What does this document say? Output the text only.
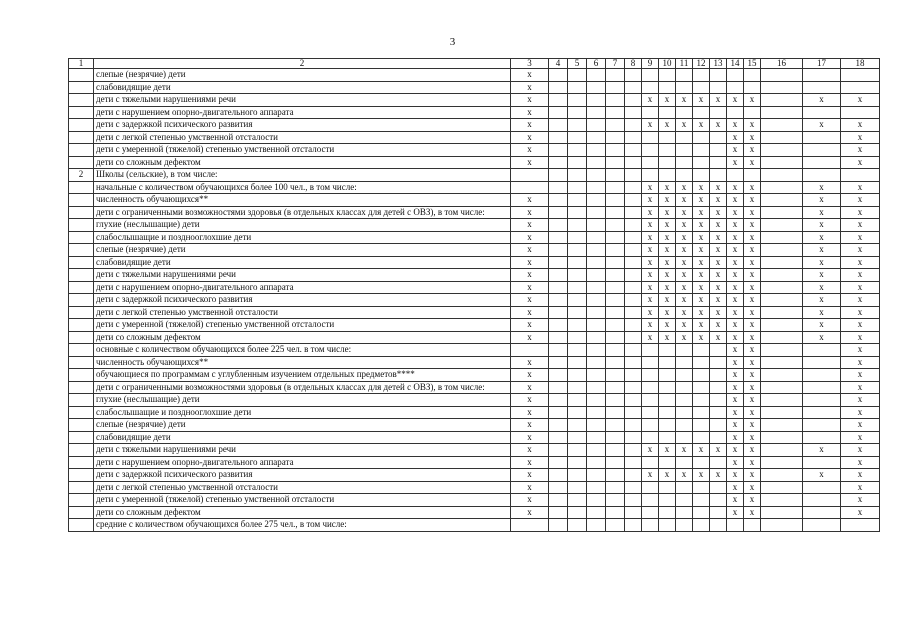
3
1	2	3	4	5	6	7	8	9	10	11	12	13	14	15	16	17	18
	слепые (незрячие) дети	x															
	слабовидящие дети	x															
	дети с тяжелыми нарушениями речи	x						x	x	x	x	x	x	x		x	x
	дети с нарушением опорно-двигательного аппарата	x															
	дети с задержкой психического развития	x						x	x	x	x	x	x	x		x	x
	дети с легкой степенью умственной отсталости	x											x	x			x
	дети с умеренной (тяжелой) степенью умственной отсталости	x											x	x			x
	дети со сложным дефектом	x											x	x			x
2	Школы (сельские), в том числе:																
	начальные с количеством обучающихся более 100 чел., в том числе:							x	x	x	x	x	x	x		x	x
	численность обучающихся**	x						x	x	x	x	x	x	x		x	x
	дети с ограниченными возможностями здоровья (в отдельных классах для детей с ОВЗ), в том числе:	x						x	x	x	x	x	x	x		x	x
	глухие (неслышащие) дети	x						x	x	x	x	x	x	x		x	x
	слабослышащие и позднооглохшие дети	x						x	x	x	x	x	x	x		x	x
	слепые (незрячие) дети	x						x	x	x	x	x	x	x		x	x
	слабовидящие дети	x						x	x	x	x	x	x	x		x	x
	дети с тяжелыми нарушениями речи	x						x	x	x	x	x	x	x		x	x
	дети с нарушением опорно-двигательного аппарата	x						x	x	x	x	x	x	x		x	x
	дети с задержкой психического развития	x						x	x	x	x	x	x	x		x	x
	дети с легкой степенью умственной отсталости	x						x	x	x	x	x	x	x		x	x
	дети с умеренной (тяжелой) степенью умственной отсталости	x						x	x	x	x	x	x	x		x	x
	дети со сложным дефектом	x						x	x	x	x	x	x	x		x	x
	основные с количеством обучающихся более 225 чел. в том числе:												x	x			x
	численность обучающихся**	x											x	x			x
	обучающиеся по программам с углубленным изучением отдельных предметов****	x											x	x			x
	дети с ограниченными возможностями здоровья (в отдельных классах для детей с ОВЗ), в том числе:	x											x	x			x
	глухие (неслышащие) дети	x											x	x			x
	слабослышащие и позднооглохшие дети	x											x	x			x
	слепые (незрячие) дети	x											x	x			x
	слабовидящие дети	x											x	x			x
	дети с тяжелыми нарушениями речи	x						x	x	x	x	x	x	x		x	x
	дети с нарушением опорно-двигательного аппарата	x											x	x			x
	дети с задержкой психического развития	x						x	x	x	x	x	x	x		x	x
	дети с легкой степенью умственной отсталости	x											x	x			x
	дети с умеренной (тяжелой) степенью умственной отсталости	x											x	x			x
	дети со сложным дефектом	x											x	x			x
	средние с количеством обучающихся более 275 чел., в том числе:																
